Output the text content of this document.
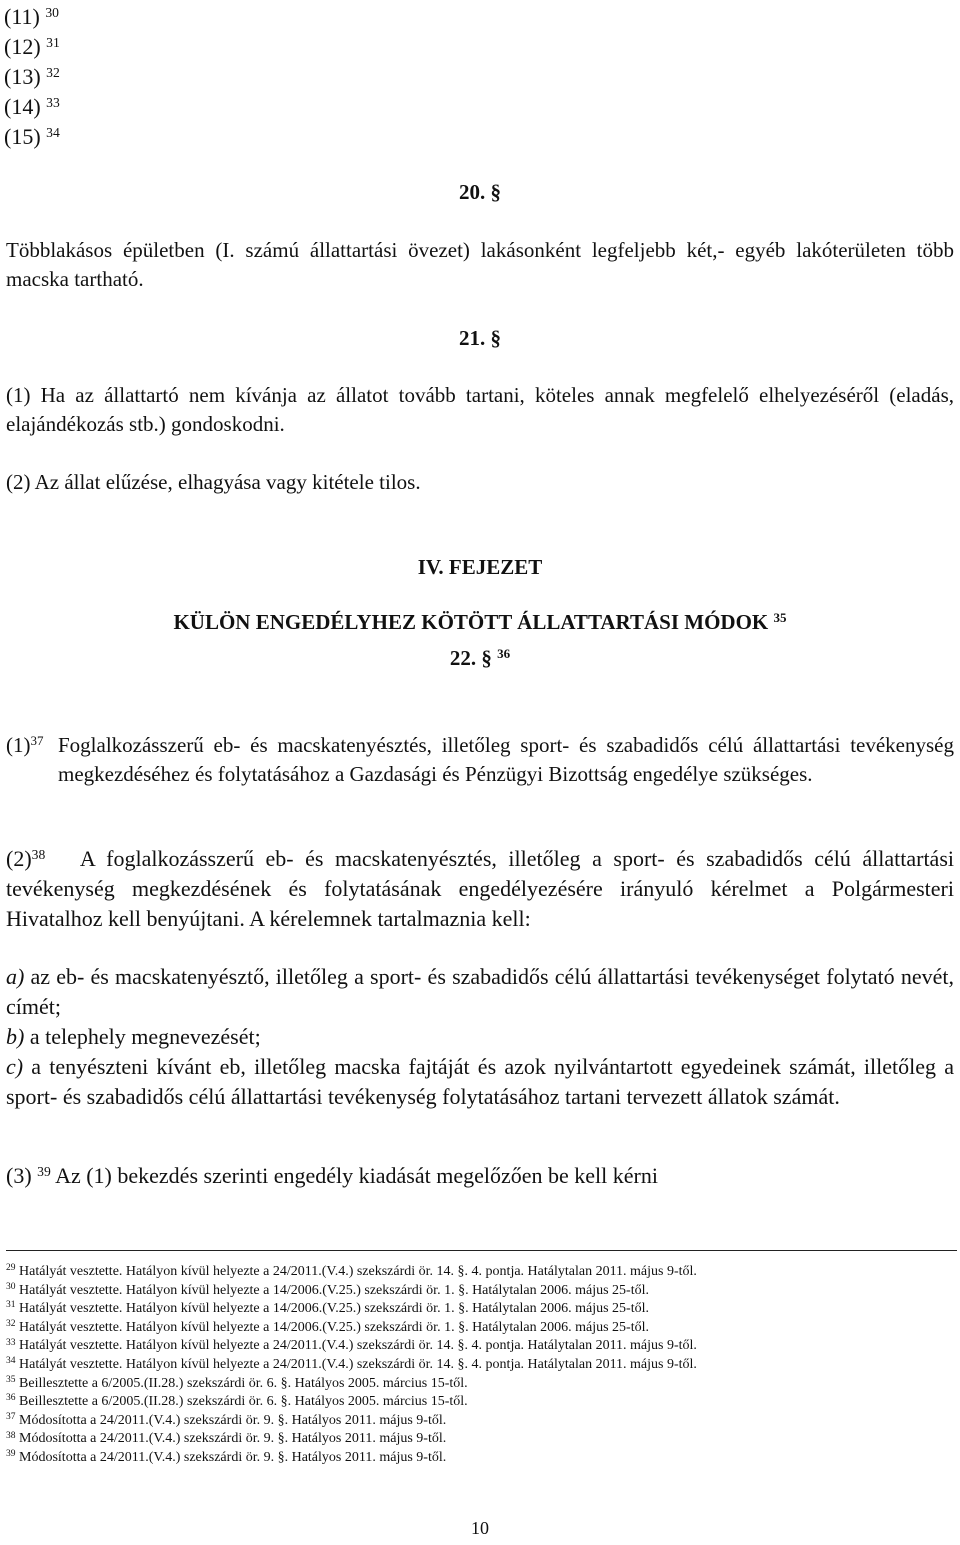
(11) $^{30}$
(12) $^{31}$
(13) $^{32}$
(14) $^{33}$
(15) $^{34}$
20. §
Többlakásos épületben (I. számú állattartási övezet) lakásonként legfeljebb két,- egyéb lakóterületen több macska tartható.
21. §
(1) Ha az állattartó nem kívánja az állatot tovább tartani, köteles annak megfelelő elhelyezéséről (eladás, elajándékozás stb.) gondoskodni.
(2) Az állat elűzése, elhagyása vagy kitétele tilos.
IV. FEJEZET
KÜLÖN ENGEDÉLYHEZ KÖTÖTT ÁLLATTARTÁSI MÓDOK $^{35}$
22. § $^{36}$
$(1)^{37}$ Foglalkozásszerű eb- és macskatenyésztés, illetőleg sport- és szabadidős célú állattartási tevékenység megkezdéséhez és folytatásához a Gazdasági és Pénzügyi Bizottság engedélye szükséges.
$(2)^{38}$ A foglalkozásszerű eb- és macskatenyésztés, illetőleg a sport- és szabadidős célú állattartási tevékenység megkezdésének és folytatásának engedélyezésére irányuló kérelmet a Polgármesteri Hivatalhoz kell benyújtani. A kérelemnek tartalmaznia kell:
a) az eb- és macskatenyésztő, illetőleg a sport- és szabadidős célú állattartási tevékenységet folytató nevét, címét;
b) a telephely megnevezését;
c) a tenyészteni kívánt eb, illetőleg macska fajtáját és azok nyilvántartott egyedeinek számát, illetőleg a sport- és szabadidős célú állattartási tevékenység folytatásához tartani tervezett állatok számát.
(3) $^{39}$ Az (1) bekezdés szerinti engedély kiadását megelőzően be kell kérni
$^{29}$ Hatályát vesztette. Hatályon kívül helyezte a 24/2011.(V.4.) szekszárdi ör. 14. §. 4. pontja. Hatálytalan 2011. május 9-től.
$^{30}$ Hatályát vesztette. Hatályon kívül helyezte a 14/2006.(V.25.) szekszárdi ör. 1. §. Hatálytalan 2006. május 25-től.
$^{31}$ Hatályát vesztette. Hatályon kívül helyezte a 14/2006.(V.25.) szekszárdi ör. 1. §. Hatálytalan 2006. május 25-től.
$^{32}$ Hatályát vesztette. Hatályon kívül helyezte a 14/2006.(V.25.) szekszárdi ör. 1. §. Hatálytalan 2006. május 25-től.
$^{33}$ Hatályát vesztette. Hatályon kívül helyezte a 24/2011.(V.4.) szekszárdi ör. 14. §. 4. pontja. Hatálytalan 2011. május 9-től.
$^{34}$ Hatályát vesztette. Hatályon kívül helyezte a 24/2011.(V.4.) szekszárdi ör. 14. §. 4. pontja. Hatálytalan 2011. május 9-től.
$^{35}$ Beillesztette a 6/2005.(II.28.) szekszárdi ör. 6. §. Hatályos 2005. március 15-től.
$^{36}$ Beillesztette a 6/2005.(II.28.) szekszárdi ör. 6. §. Hatályos 2005. március 15-től.
$^{37}$ Módosította a 24/2011.(V.4.) szekszárdi ör. 9. §. Hatályos 2011. május 9-től.
$^{38}$ Módosította a 24/2011.(V.4.) szekszárdi ör. 9. §. Hatályos 2011. május 9-től.
$^{39}$ Módosította a 24/2011.(V.4.) szekszárdi ör. 9. §. Hatályos 2011. május 9-től.
10
